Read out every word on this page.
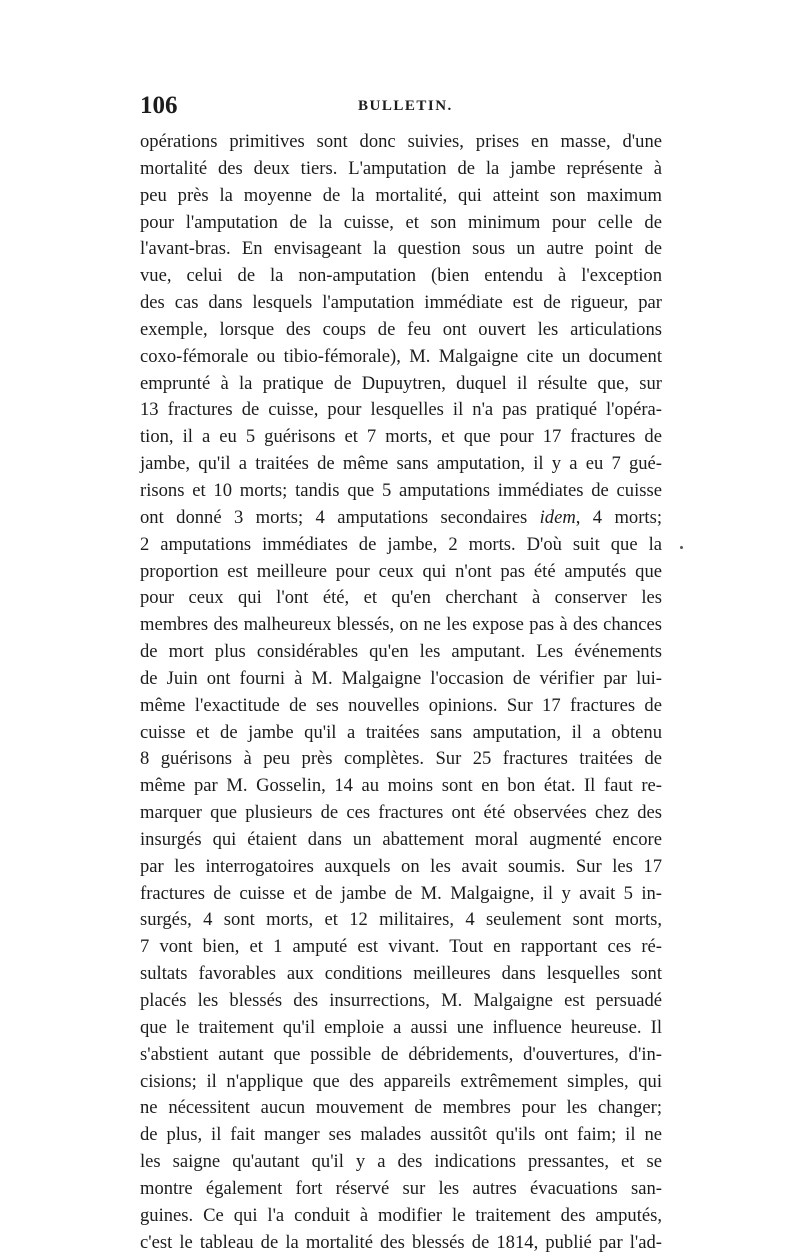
106	BULLETIN.
opérations primitives sont donc suivies, prises en masse, d'une
mortalité des deux tiers. L'amputation de la jambe représente à
peu près la moyenne de la mortalité, qui atteint son maximum
pour l'amputation de la cuisse, et son minimum pour celle de
l'avant-bras. En envisageant la question sous un autre point de
vue, celui de la non-amputation (bien entendu à l'exception
des cas dans lesquels l'amputation immédiate est de rigueur, par
exemple, lorsque des coups de feu ont ouvert les articulations
coxo-fémorale ou tibio-fémorale), M. Malgaigne cite un document
emprunté à la pratique de Dupuytren, duquel il résulte que, sur
13 fractures de cuisse, pour lesquelles il n'a pas pratiqué l'opéra-
tion, il a eu 5 guérisons et 7 morts, et que pour 17 fractures de
jambe, qu'il a traitées de même sans amputation, il y a eu 7 gué-
risons et 10 morts; tandis que 5 amputations immédiates de cuisse
ont donné 3 morts; 4 amputations secondaires idem, 4 morts;
2 amputations immédiates de jambe, 2 morts. D'où suit que la
proportion est meilleure pour ceux qui n'ont pas été amputés que
pour ceux qui l'ont été, et qu'en cherchant à conserver les
membres des malheureux blessés, on ne les expose pas à des chances
de mort plus considérables qu'en les amputant. Les événements
de Juin ont fourni à M. Malgaigne l'occasion de vérifier par lui-
même l'exactitude de ses nouvelles opinions. Sur 17 fractures de
cuisse et de jambe qu'il a traitées sans amputation, il a obtenu
8 guérisons à peu près complètes. Sur 25 fractures traitées de
même par M. Gosselin, 14 au moins sont en bon état. Il faut re-
marquer que plusieurs de ces fractures ont été observées chez des
insurgés qui étaient dans un abattement moral augmenté encore
par les interrogatoires auxquels on les avait soumis. Sur les 17
fractures de cuisse et de jambe de M. Malgaigne, il y avait 5 in-
surgés, 4 sont morts, et 12 militaires, 4 seulement sont morts,
7 vont bien, et 1 amputé est vivant. Tout en rapportant ces ré-
sultats favorables aux conditions meilleures dans lesquelles sont
placés les blessés des insurrections, M. Malgaigne est persuadé
que le traitement qu'il emploie a aussi une influence heureuse. Il
s'abstient autant que possible de débridements, d'ouvertures, d'in-
cisions; il n'applique que des appareils extrêmement simples, qui
ne nécessitent aucun mouvement de membres pour les changer;
de plus, il fait manger ses malades aussitôt qu'ils ont faim; il ne
les saigne qu'autant qu'il y a des indications pressantes, et se
montre également fort réservé sur les autres évacuations san-
guines. Ce qui l'a conduit à modifier le traitement des amputés,
c'est le tableau de la mortalité des blessés de 1814, publié par l'ad-
